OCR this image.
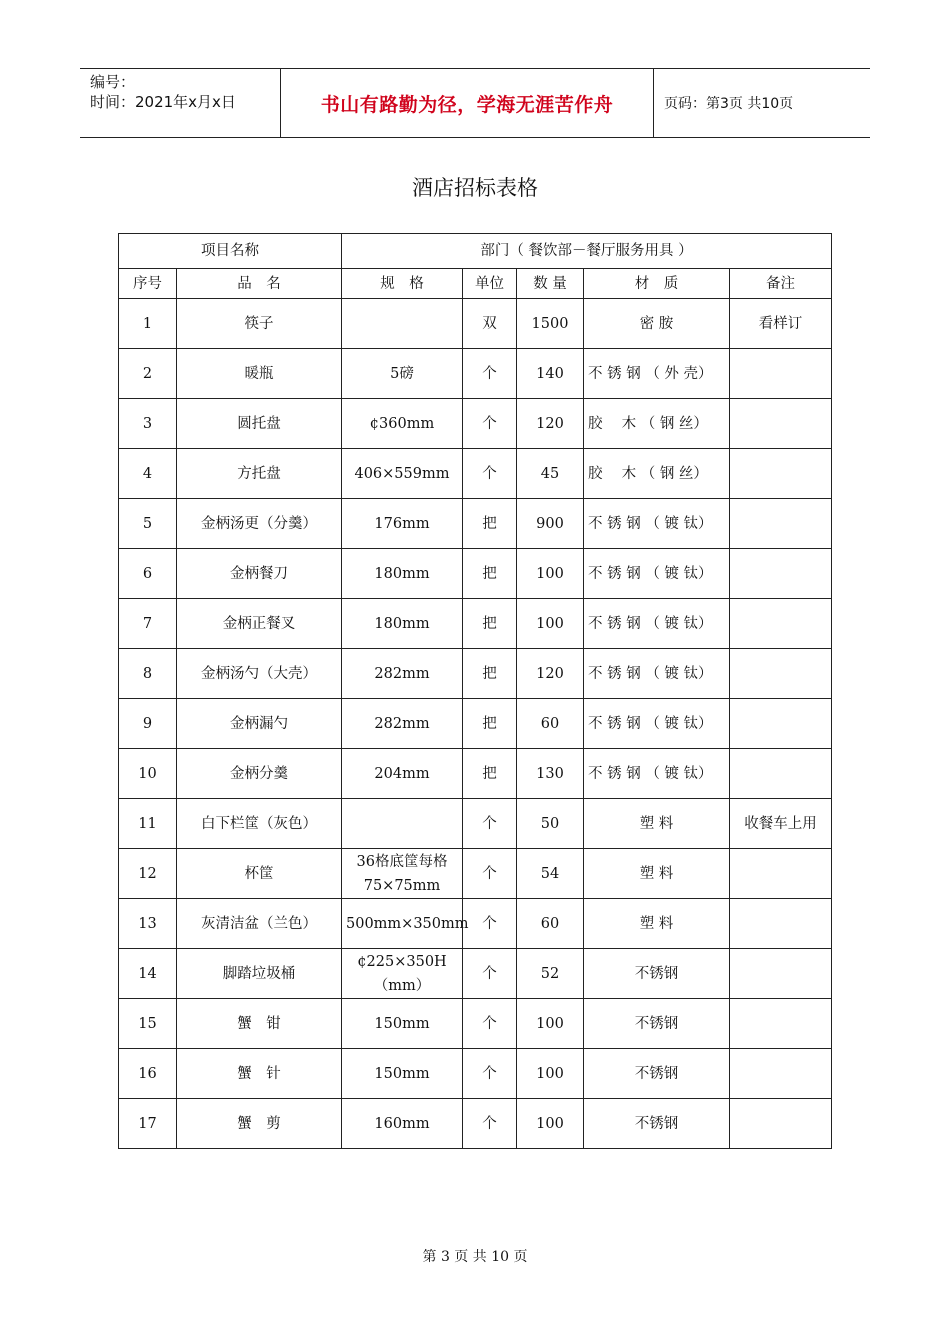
编号：
时间：2021年x月x日	书山有路勤为径，学海无涯苦作舟	页码：第3页 共10页
酒店招标表格
项目名称		部门（ 餐饮部－餐厅服务用具 ）				
序号	品　名	规　格	单位	数 量	材　质	备注
1	筷子		双	1500	密 胺	看样订
2	暖瓶	5磅	个	140	不 锈 钢 （ 外 壳）	
3	圆托盘	¢360mm	个	120	胶　 木 （ 钢 丝）	
4	方托盘	406×559mm	个	45	胶　 木 （ 钢 丝）	
5	金柄汤更（分羹）	176mm	把	900	不 锈 钢 （ 镀 钛）	
6	金柄餐刀	180mm	把	100	不 锈 钢 （ 镀 钛）	
7	金柄正餐叉	180mm	把	100	不 锈 钢 （ 镀 钛）	
8	金柄汤勺（大壳）	282mm	把	120	不 锈 钢 （ 镀 钛）	
9	金柄漏勺	282mm	把	60	不 锈 钢 （ 镀 钛）	
10	金柄分羹	204mm	把	130	不 锈 钢 （ 镀 钛）	
11	白下栏筐（灰色）		个	50	塑 料	收餐车上用
12	杯筐	36格底筐每格75×75mm	个	54	塑 料	
13	灰清洁盆（兰色）	500mm×350mm	个	60	塑 料	
14	脚踏垃圾桶	¢225×350H（mm）	个	52	不锈钢	
15	蟹　钳	150mm	个	100	不锈钢	
16	蟹　针	150mm	个	100	不锈钢	
17	蟹　剪	160mm	个	100	不锈钢	
第 3 页 共 10 页
